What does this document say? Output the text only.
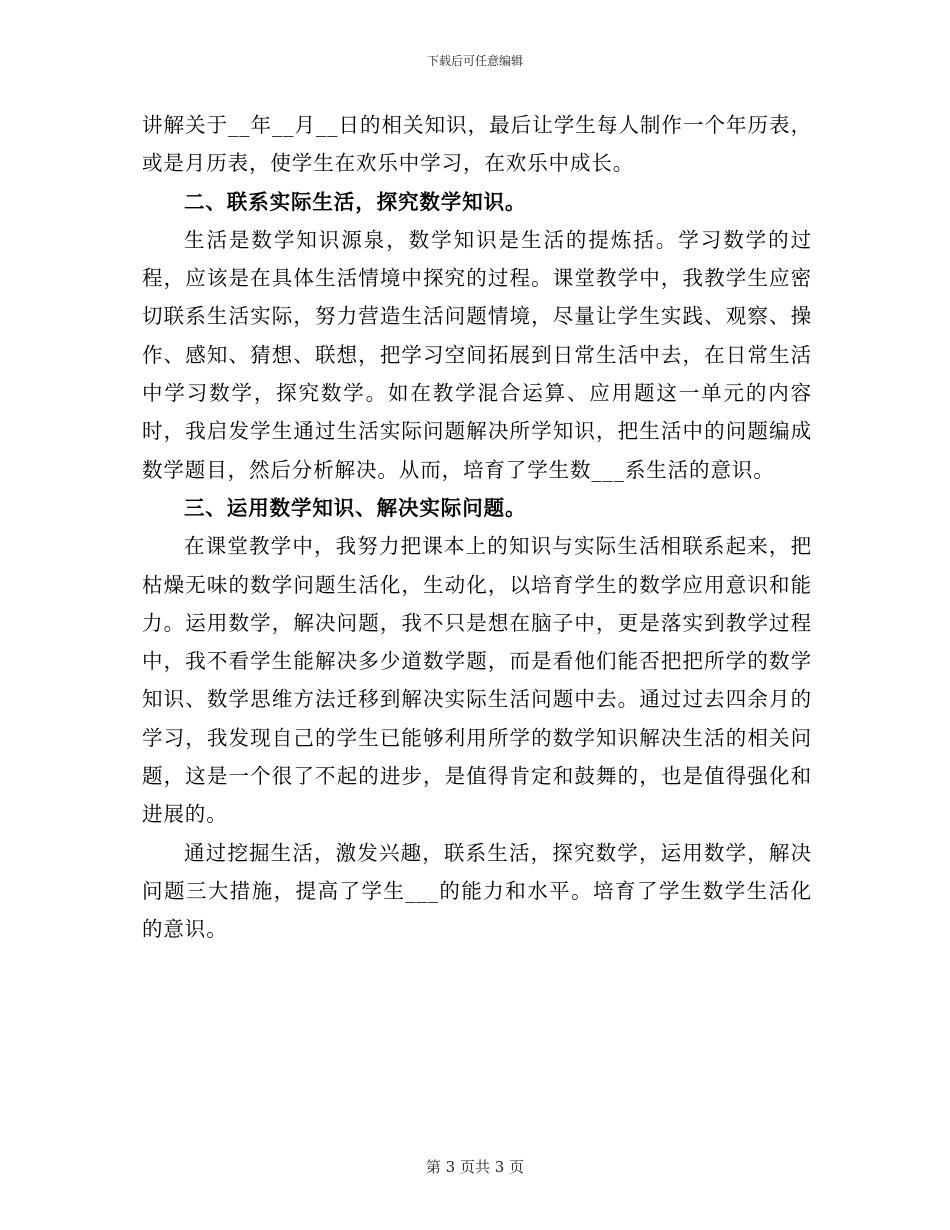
下载后可任意编辑

讲解关于__年__月__日的相关知识，最后让学生每人制作一个年历表，或是月历表，使学生在欢乐中学习，在欢乐中成长。

二、联系实际生活，探究数学知识。

生活是数学知识源泉，数学知识是生活的提炼括。学习数学的过程，应该是在具体生活情境中探究的过程。课堂教学中，我教学生应密切联系生活实际，努力营造生活问题情境，尽量让学生实践、观察、操作、感知、猜想、联想，把学习空间拓展到日常生活中去，在日常生活中学习数学，探究数学。如在教学混合运算、应用题这一单元的内容时，我启发学生通过生活实际问题解决所学知识，把生活中的问题编成数学题目，然后分析解决。从而，培育了学生数___系生活的意识。

三、运用数学知识、解决实际问题。

在课堂教学中，我努力把课本上的知识与实际生活相联系起来，把枯燥无味的数学问题生活化，生动化，以培育学生的数学应用意识和能力。运用数学，解决问题，我不只是想在脑子中，更是落实到教学过程中，我不看学生能解决多少道数学题，而是看他们能否把把所学的数学知识、数学思维方法迁移到解决实际生活问题中去。通过过去四余月的学习，我发现自己的学生已能够利用所学的数学知识解决生活的相关问题，这是一个很了不起的进步，是值得肯定和鼓舞的，也是值得强化和进展的。

通过挖掘生活，激发兴趣，联系生活，探究数学，运用数学，解决问题三大措施，提高了学生___的能力和水平。培育了学生数学生活化的意识。

第 3 页共 3 页
